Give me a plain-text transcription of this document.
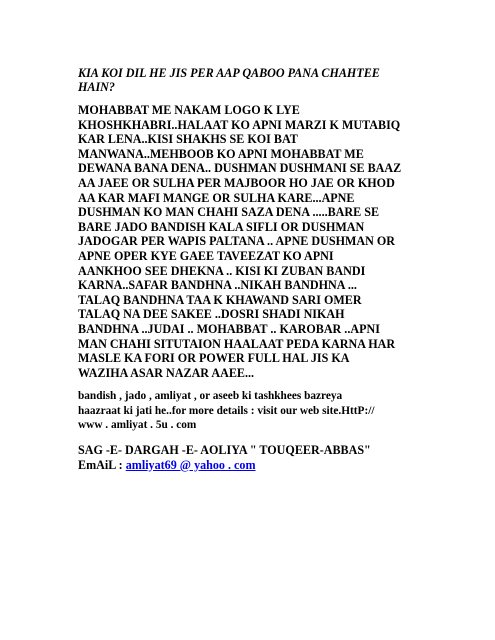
KIA KOI DIL HE JIS PER AAP QABOO PANA CHAHTEE
HAIN?
MOHABBAT ME NAKAM LOGO K LYE
KHOSHKHABRI..HALAAT KO APNI MARZI K MUTABIQ
KAR LENA..KISI SHAKHS SE KOI BAT
MANWANA..MEHBOOB KO APNI MOHABBAT ME
DEWANA BANA DENA.. DUSHMAN DUSHMANI SE BAAZ
AA JAEE OR SULHA PER MAJBOOR HO JAE OR KHOD
AA KAR MAFI MANGE OR SULHA KARE...APNE
DUSHMAN KO MAN CHAHI SAZA DENA .....BARE SE
BARE JADO BANDISH KALA SIFLI OR DUSHMAN
JADOGAR PER WAPIS PALTANA .. APNE DUSHMAN OR
APNE OPER KYE GAEE TAVEEZAT KO APNI
AANKHOO SEE DHEKNA .. KISI KI ZUBAN BANDI
KARNA..SAFAR BANDHNA ..NIKAH BANDHNA ...
TALAQ BANDHNA TAA K KHAWAND SARI OMER
TALAQ NA DEE SAKEE ..DOSRI SHADI NIKAH
BANDHNA ..JUDAI .. MOHABBAT .. KAROBAR ..APNI
MAN CHAHI SITUTAION HAALAAT PEDA KARNA HAR
MASLE KA FORI OR POWER FULL HAL JIS KA
WAZIHA ASAR NAZAR AAEE...
bandish , jado , amliyat , or aseeb ki tashkhees bazreya
haazraat ki jati he..for more details : visit our web site.HttP://
www . amliyat . 5u . com
SAG -E- DARGAH -E- AOLIYA " TOUQEER-ABBAS"
EmAiL : amliyat69 @ yahoo . com
